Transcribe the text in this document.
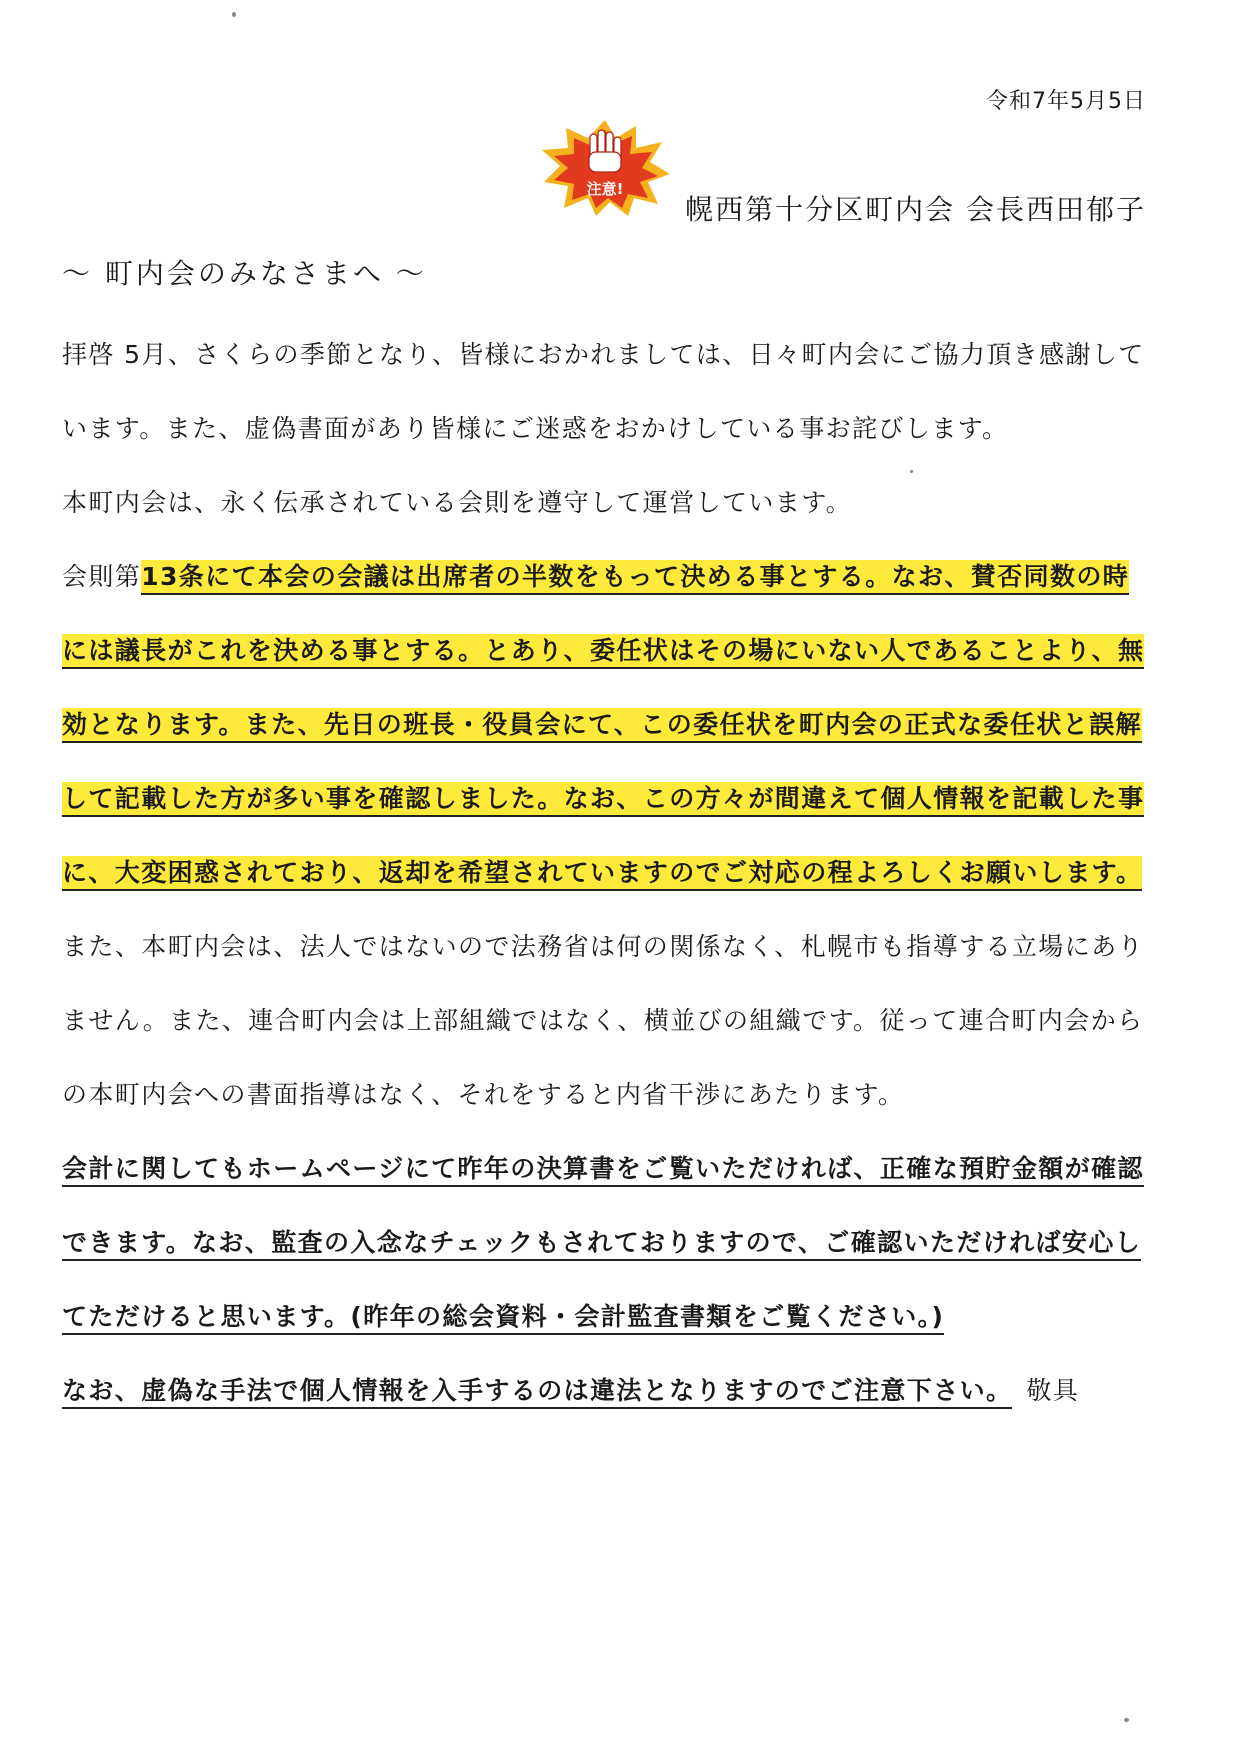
令和7年5月5日
注意!
幌西第十分区町内会 会長西田郁子
～ 町内会のみなさまへ ～

拝啓 5月、さくらの季節となり、皆様におかれましては、日々町内会にご協力頂き感謝しています。また、虚偽書面があり皆様にご迷惑をおかけしている事お詫びします。

本町内会は、永く伝承されている会則を遵守して運営しています。

会則第13条にて本会の会議は出席者の半数をもって決める事とする。なお、賛否同数の時には議長がこれを決める事とする。とあり、委任状はその場にいない人であることより、無効となります。また、先日の班長・役員会にて、この委任状を町内会の正式な委任状と誤解して記載した方が多い事を確認しました。なお、この方々が間違えて個人情報を記載した事に、大変困惑されており、返却を希望されていますのでご対応の程よろしくお願いします。

また、本町内会は、法人ではないので法務省は何の関係なく、札幌市も指導する立場にありません。また、連合町内会は上部組織ではなく、横並びの組織です。従って連合町内会からの本町内会への書面指導はなく、それをすると内省干渉にあたります。

会計に関してもホームページにて昨年の決算書をご覧いただければ、正確な預貯金額が確認できます。なお、監査の入念なチェックもされておりますので、ご確認いただければ安心してただけると思います。(昨年の総会資料・会計監査書類をご覧ください。)

なお、虚偽な手法で個人情報を入手するのは違法となりますのでご注意下さい。 敬具
